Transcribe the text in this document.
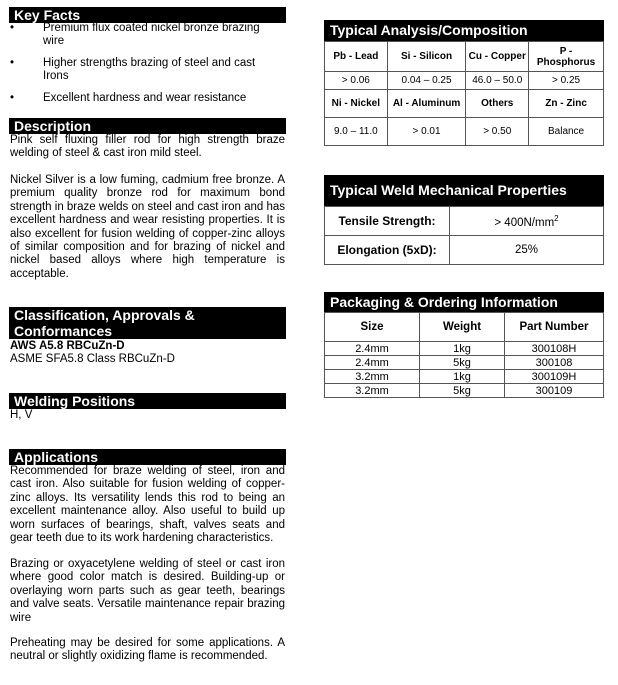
Key Facts
•	Premium flux coated nickel bronze brazing wire
•	Higher strengths brazing of steel and cast Irons
•	Excellent hardness and wear resistance
Description

Pink self fluxing filler rod for high strength braze welding of steel & cast iron mild steel.

Nickel Silver is a low fuming, cadmium free bronze. A premium quality bronze rod for maximum bond strength in braze welds on steel and cast iron and has excellent hardness and wear resisting properties. It is also excellent for fusion welding of copper-zinc alloys of similar composition and for brazing of nickel and nickel based alloys where high temperature is acceptable.

Classification, Approvals & Conformances
AWS A5.8 RBCuZn-D
ASME SFA5.8 Class RBCuZn-D
Welding Positions
H, V
Applications

Recommended for braze welding of steel, iron and cast iron. Also suitable for fusion welding of copper-zinc alloys. Its versatility lends this rod to being an excellent maintenance alloy. Also useful to build up worn surfaces of bearings, shaft, valves seats and gear teeth due to its work hardening characteristics.

Brazing or oxyacetylene welding of steel or cast iron where good color match is desired. Building-up or overlaying worn parts such as gear teeth, bearings and valve seats. Versatile maintenance repair brazing wire

Preheating may be desired for some applications. A neutral or slightly oxidizing flame is recommended.

Typical Analysis/Composition
Pb - Lead	Si - Silicon	Cu - Copper	P - Phosphorus
> 0.06	0.04 – 0.25	46.0 – 50.0	> 0.25
Ni - Nickel	Al - Aluminum	Others	Zn - Zinc
9.0 – 11.0	> 0.01	> 0.50	Balance
Typical Weld Mechanical Properties
Tensile Strength:	> $400N/mm^2$
Elongation (5xD):	25%
Packaging & Ordering Information
Size	Weight	Part Number
2.4mm	1kg	300108H
2.4mm	5kg	300108
3.2mm	1kg	300109H
3.2mm	5kg	300109
